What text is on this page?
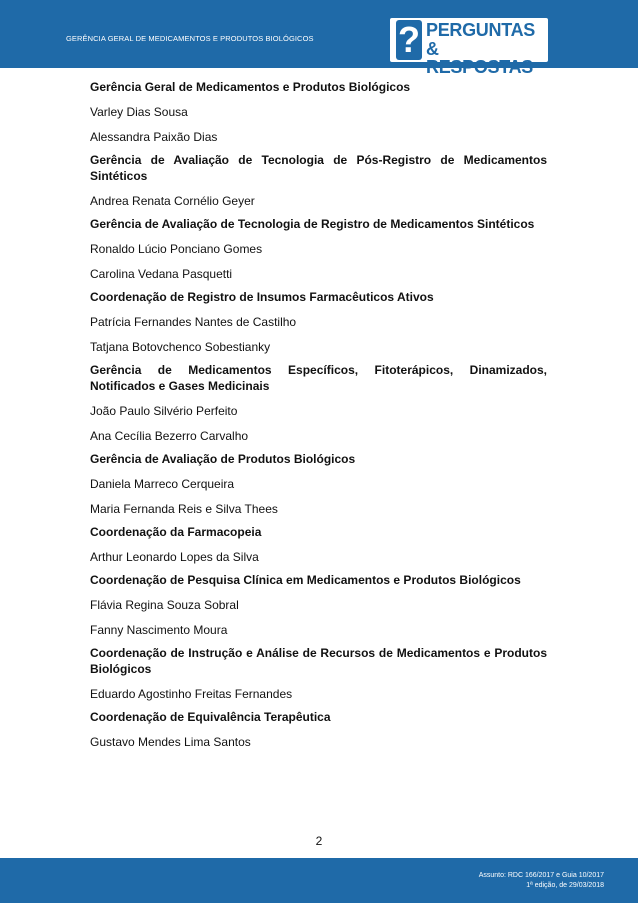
GERÊNCIA GERAL DE MEDICAMENTOS E PRODUTOS BIOLÓGICOS ? PERGUNTAS
& RESPOSTAS
Gerência Geral de Medicamentos e Produtos Biológicos
Varley Dias Sousa
Alessandra Paixão Dias
Gerência de Avaliação de Tecnologia de Pós-Registro de Medicamentos Sintéticos
Andrea Renata Cornélio Geyer
Gerência de Avaliação de Tecnologia de Registro de Medicamentos Sintéticos
Ronaldo Lúcio Ponciano Gomes
Carolina Vedana Pasquetti
Coordenação de Registro de Insumos Farmacêuticos Ativos
Patrícia Fernandes Nantes de Castilho
Tatjana Botovchenco Sobestianky
Gerência de Medicamentos Específicos, Fitoterápicos, Dinamizados, Notificados e Gases Medicinais
João Paulo Silvério Perfeito
Ana Cecília Bezerro Carvalho
Gerência de Avaliação de Produtos Biológicos
Daniela Marreco Cerqueira
Maria Fernanda Reis e Silva Thees
Coordenação da Farmacopeia
Arthur Leonardo Lopes da Silva
Coordenação de Pesquisa Clínica em Medicamentos e Produtos Biológicos
Flávia Regina Souza Sobral
Fanny Nascimento Moura
Coordenação de Instrução e Análise de Recursos de Medicamentos e Produtos Biológicos
Eduardo Agostinho Freitas Fernandes
Coordenação de Equivalência Terapêutica
Gustavo Mendes Lima Santos
2
Assunto: RDC 166/2017 e Guia 10/2017
1ª edição, de 29/03/2018
